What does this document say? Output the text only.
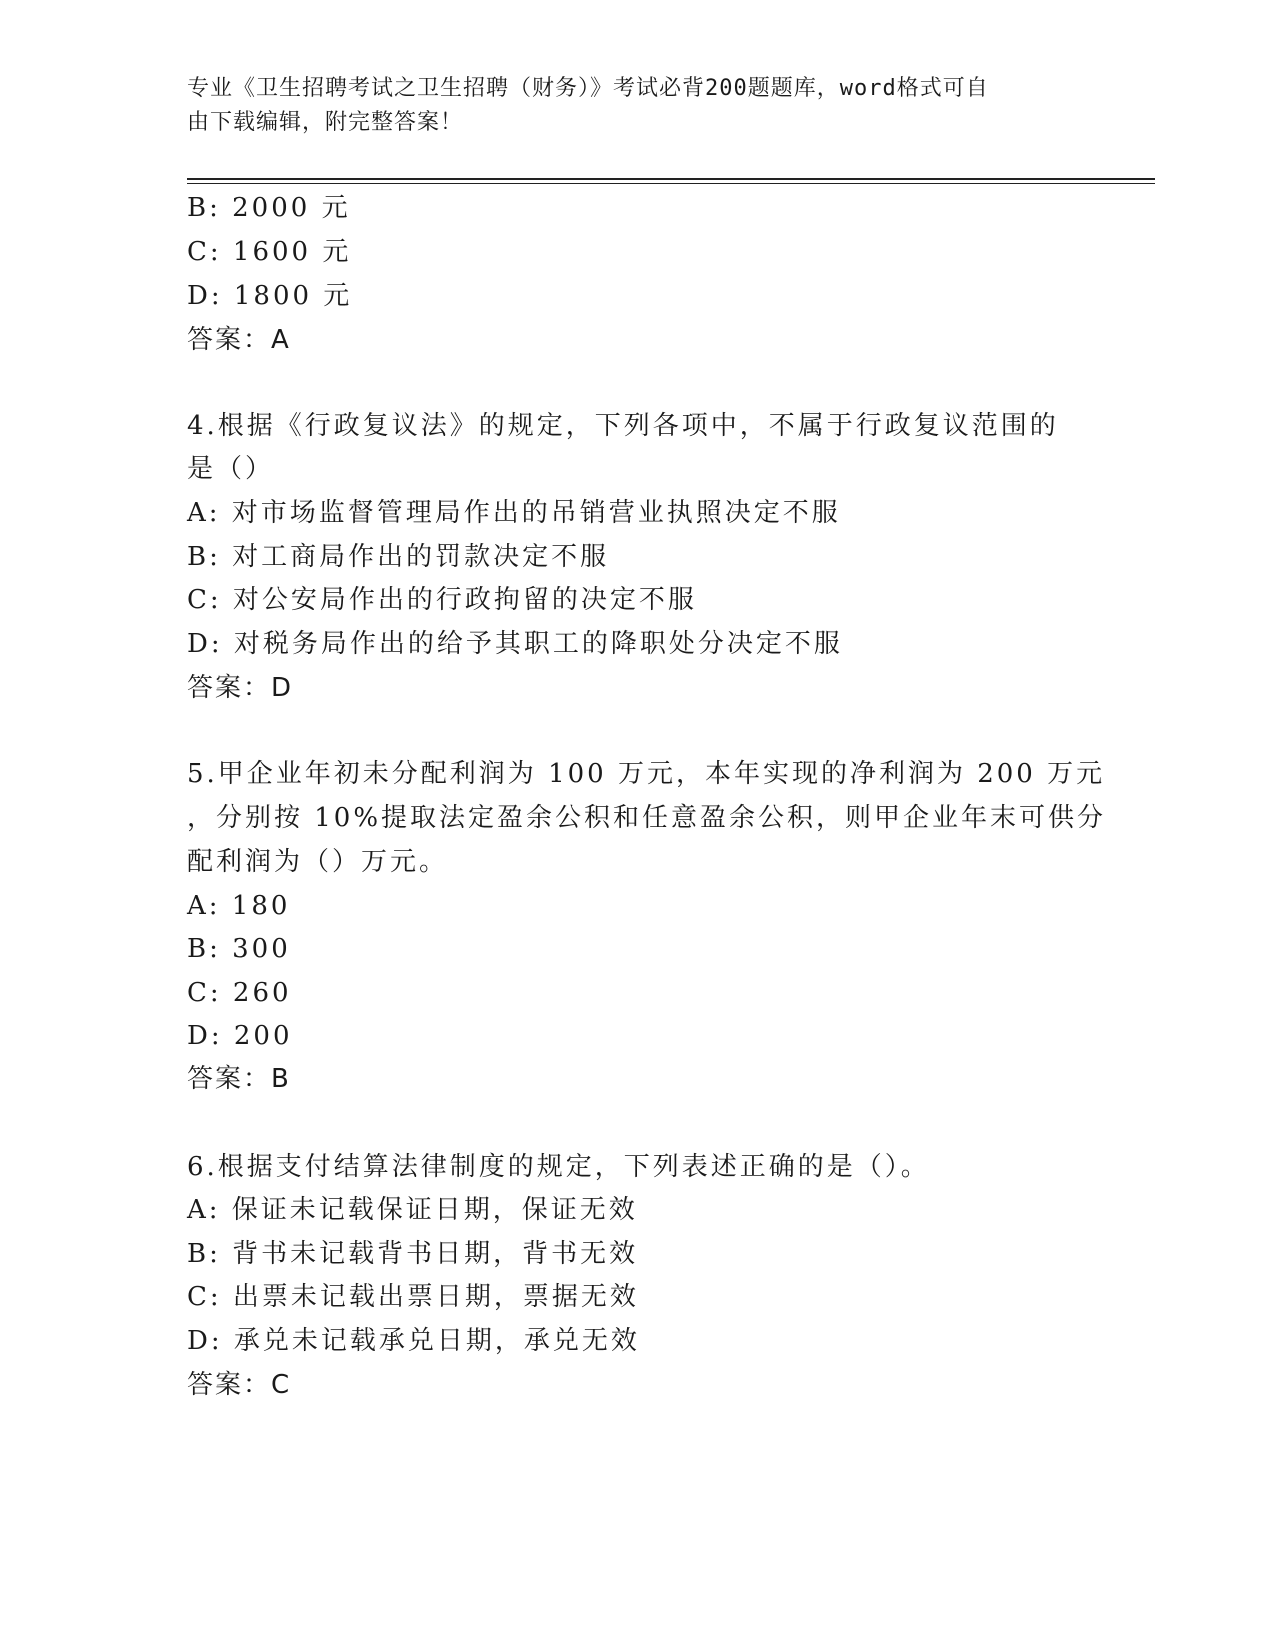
专业《卫生招聘考试之卫生招聘（财务）》考试必背200题题库，word格式可自
由下载编辑，附完整答案！
B: 2000 元
C: 1600 元
D: 1800 元
答案：A
4.根据《行政复议法》的规定，下列各项中，不属于行政复议范围的
是（）
A: 对市场监督管理局作出的吊销营业执照决定不服
B: 对工商局作出的罚款决定不服
C: 对公安局作出的行政拘留的决定不服
D: 对税务局作出的给予其职工的降职处分决定不服
答案：D
5.甲企业年初未分配利润为 100 万元，本年实现的净利润为 200 万元
，分别按 10%提取法定盈余公积和任意盈余公积，则甲企业年末可供分
配利润为（）万元。
A: 180
B: 300
C: 260
D: 200
答案：B
6.根据支付结算法律制度的规定，下列表述正确的是（）。
A: 保证未记载保证日期，保证无效
B: 背书未记载背书日期，背书无效
C: 出票未记载出票日期，票据无效
D: 承兑未记载承兑日期，承兑无效
答案：C
